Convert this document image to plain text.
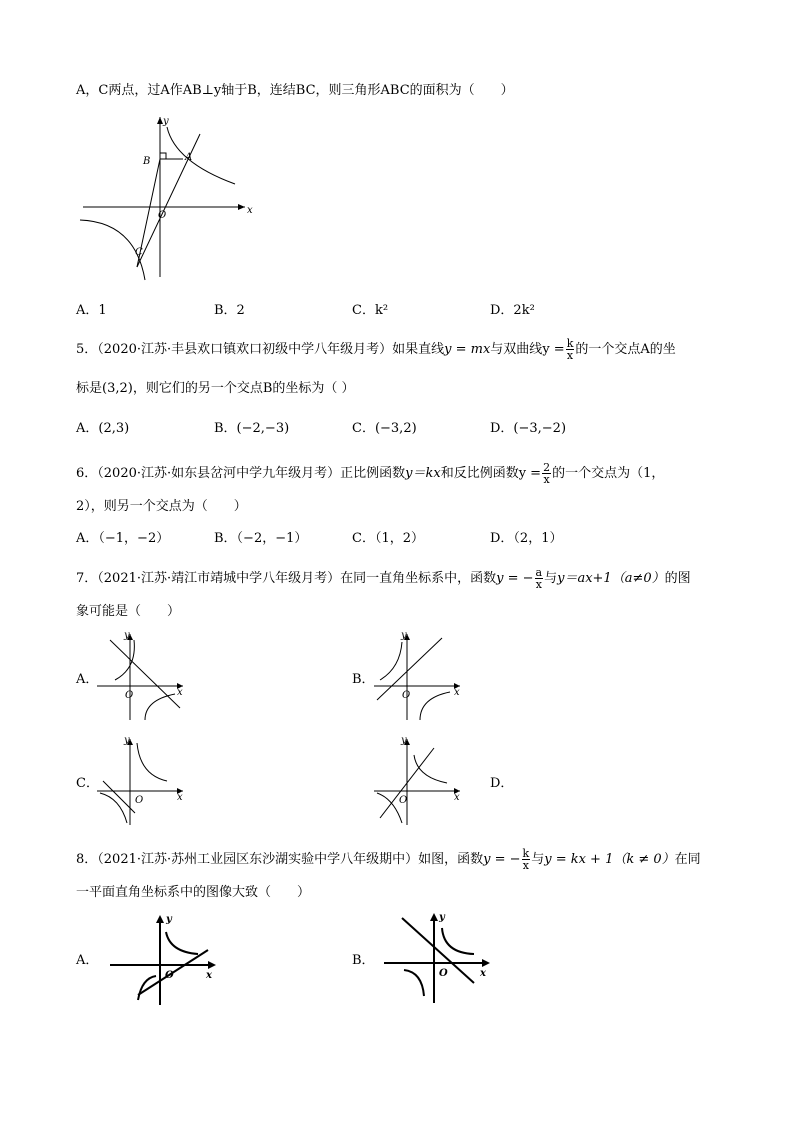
A，C两点，过A作AB⊥y轴于B，连结BC，则三角形ABC的面积为（　　）
y
x
O
A
B
C
A．1	B．2	C．k²	D．2k²
5．（2020·江苏·丰县欢口镇欢口初级中学八年级月考）如果直线y = mx与双曲线$y = \frac{k}{x}$ 的一个交点A的坐
标是(3,2)，则它们的另一个交点B的坐标为（ ）
A．(2,3)	B．(−2,−3)	C．(−3,2)	D．(−3,−2)
6．（2020·江苏·如东县岔河中学九年级月考）正比例函数y＝kx和反比例函数$y = \frac{2}{x}$ 的一个交点为（1，
2），则另一个交点为（　　）
A．（−1，−2）	B．（−2，−1）	C．（1，2）	D．（2，1）
7．（2021·江苏·靖江市靖城中学八年级月考）在同一直角坐标系中，函数y = − $\frac{a}{x}$ 与y＝ax+1（a≠0）的图
象可能是（　　）
A．
y
x
O
B．
y
x
O
C．
y
x
O
D．
y
x
O
8．（2021·江苏·苏州工业园区东沙湖实验中学八年级期中）如图，函数y = − $\frac{k}{x}$ 与y = kx + 1（k ≠ 0）在同
一平面直角坐标系中的图像大致（　　）
A．
y
x
O
B．
y
x
O
